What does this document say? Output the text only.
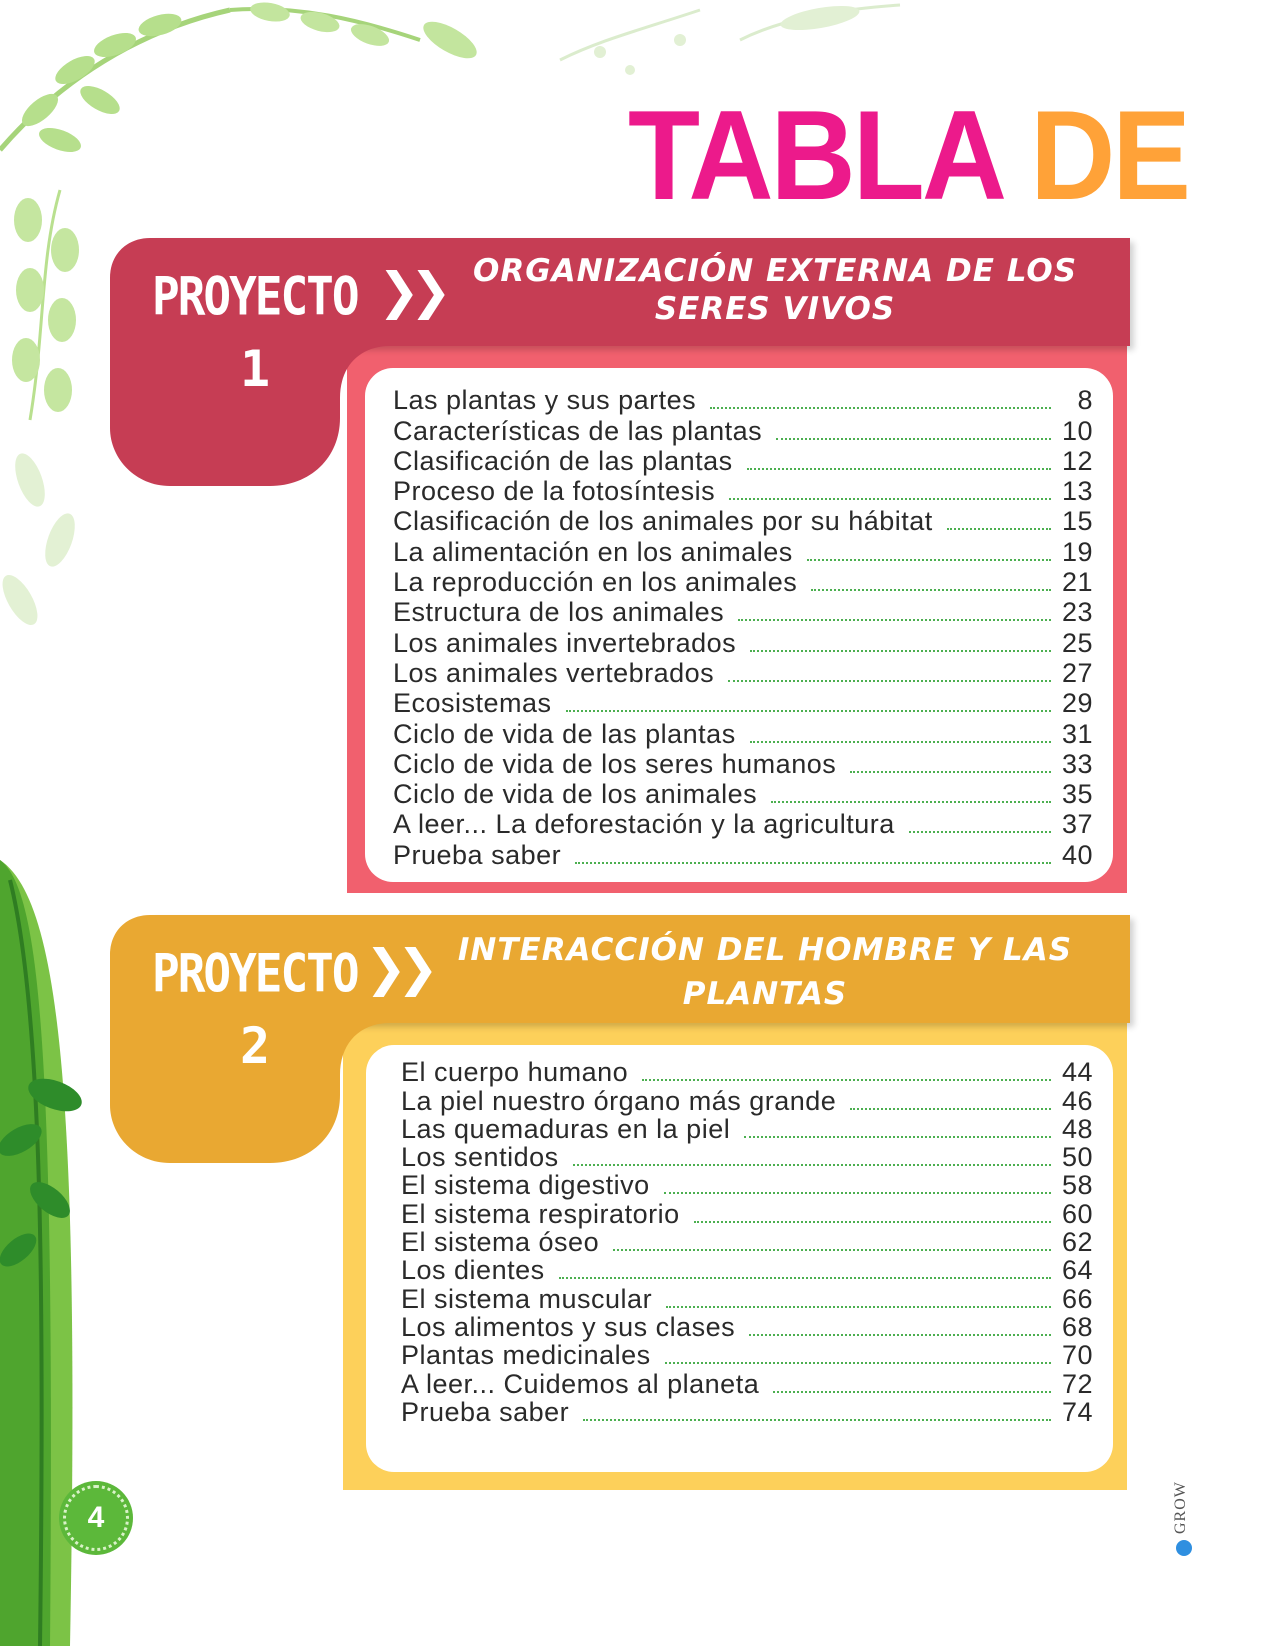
TABLA DE
PROYECTO ❯❯
1
ORGANIZACIÓN EXTERNA DE LOS
SERES VIVOS
Las plantas y sus partes	8
Características de las plantas	10
Clasificación de las plantas	12
Proceso de la fotosíntesis	13
Clasificación de los animales por su hábitat	15
La alimentación en los animales	19
La reproducción en los animales	21
Estructura de los animales	23
Los animales invertebrados	25
Los animales vertebrados	27
Ecosistemas	29
Ciclo de vida de las plantas	31
Ciclo de vida de los seres humanos	33
Ciclo de vida de los animales	35
A leer... La deforestación y la agricultura	37
Prueba saber	40
PROYECTO ❯❯
2
INTERACCIÓN DEL HOMBRE Y LAS
PLANTAS
El cuerpo humano	44
La piel nuestro órgano más grande	46
Las quemaduras en la piel	48
Los sentidos	50
El sistema digestivo	58
El sistema respiratorio	60
El sistema óseo	62
Los dientes	64
El sistema muscular	66
Los alimentos y sus clases	68
Plantas medicinales	70
A leer... Cuidemos al planeta	72
Prueba saber	74
4	GROW
